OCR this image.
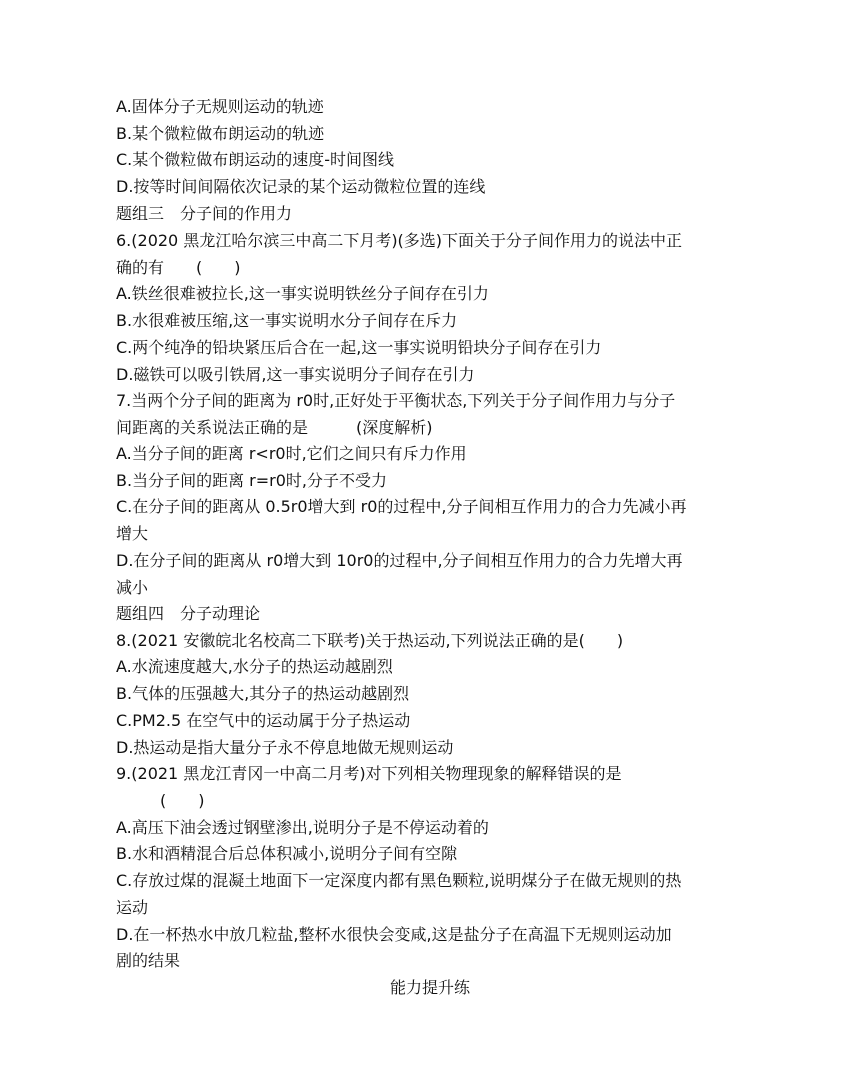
A.固体分子无规则运动的轨迹
B.某个微粒做布朗运动的轨迹
C.某个微粒做布朗运动的速度-时间图线
D.按等时间间隔依次记录的某个运动微粒位置的连线
题组三　分子间的作用力
6.(2020 黑龙江哈尔滨三中高二下月考)(多选)下面关于分子间作用力的说法中正
确的有　　(　　)
A.铁丝很难被拉长,这一事实说明铁丝分子间存在引力
B.水很难被压缩,这一事实说明水分子间存在斥力
C.两个纯净的铅块紧压后合在一起,这一事实说明铅块分子间存在引力
D.磁铁可以吸引铁屑,这一事实说明分子间存在引力
7.当两个分子间的距离为 r0时,正好处于平衡状态,下列关于分子间作用力与分子
间距离的关系说法正确的是　　　(深度解析)
A.当分子间的距离 r<r0时,它们之间只有斥力作用
B.当分子间的距离 r=r0时,分子不受力
C.在分子间的距离从 0.5r0增大到 r0的过程中,分子间相互作用力的合力先减小再
增大
D.在分子间的距离从 r0增大到 10r0的过程中,分子间相互作用力的合力先增大再
减小
题组四　分子动理论
8.(2021 安徽皖北名校高二下联考)关于热运动,下列说法正确的是(　　)
A.水流速度越大,水分子的热运动越剧烈
B.气体的压强越大,其分子的热运动越剧烈
C.PM2.5 在空气中的运动属于分子热运动
D.热运动是指大量分子永不停息地做无规则运动
9.(2021 黑龙江青冈一中高二月考)对下列相关物理现象的解释错误的是
(　　)
A.高压下油会透过钢壁渗出,说明分子是不停运动着的
B.水和酒精混合后总体积减小,说明分子间有空隙
C.存放过煤的混凝土地面下一定深度内都有黑色颗粒,说明煤分子在做无规则的热
运动
D.在一杯热水中放几粒盐,整杯水很快会变咸,这是盐分子在高温下无规则运动加
剧的结果
能力提升练
